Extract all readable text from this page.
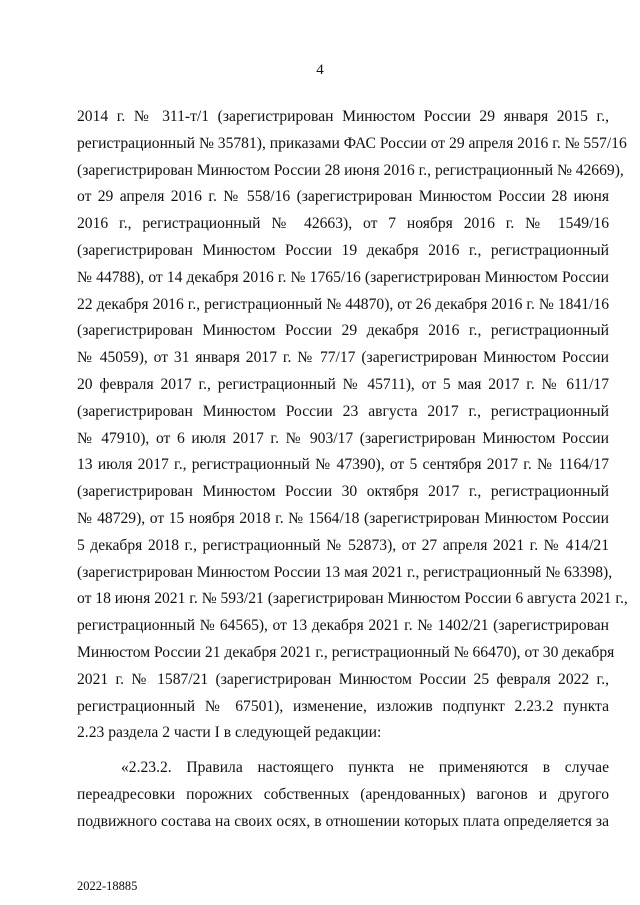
4
2014 г. № 311-т/1 (зарегистрирован Минюстом России 29 января 2015 г.,
регистрационный № 35781), приказами ФАС России от 29 апреля 2016 г. № 557/16
(зарегистрирован Минюстом России 28 июня 2016 г., регистрационный № 42669),
от 29 апреля 2016 г. № 558/16 (зарегистрирован Минюстом России 28 июня
2016 г., регистрационный № 42663), от 7 ноября 2016 г. № 1549/16
(зарегистрирован Минюстом России 19 декабря 2016 г., регистрационный
№ 44788), от 14 декабря 2016 г. № 1765/16 (зарегистрирован Минюстом России
22 декабря 2016 г., регистрационный № 44870), от 26 декабря 2016 г. № 1841/16
(зарегистрирован Минюстом России 29 декабря 2016 г., регистрационный
№ 45059), от 31 января 2017 г. № 77/17 (зарегистрирован Минюстом России
20 февраля 2017 г., регистрационный № 45711), от 5 мая 2017 г. № 611/17
(зарегистрирован Минюстом России 23 августа 2017 г., регистрационный
№ 47910), от 6 июля 2017 г. № 903/17 (зарегистрирован Минюстом России
13 июля 2017 г., регистрационный № 47390), от 5 сентября 2017 г. № 1164/17
(зарегистрирован Минюстом России 30 октября 2017 г., регистрационный
№ 48729), от 15 ноября 2018 г. № 1564/18 (зарегистрирован Минюстом России
5 декабря 2018 г., регистрационный № 52873), от 27 апреля 2021 г. № 414/21
(зарегистрирован Минюстом России 13 мая 2021 г., регистрационный № 63398),
от 18 июня 2021 г. № 593/21 (зарегистрирован Минюстом России 6 августа 2021 г.,
регистрационный № 64565), от 13 декабря 2021 г. № 1402/21 (зарегистрирован
Минюстом России 21 декабря 2021 г., регистрационный № 66470), от 30 декабря
2021 г. № 1587/21 (зарегистрирован Минюстом России 25 февраля 2022 г.,
регистрационный № 67501), изменение, изложив подпункт 2.23.2 пункта
2.23 раздела 2 части I в следующей редакции:
«2.23.2. Правила настоящего пункта не применяются в случае
переадресовки порожних собственных (арендованных) вагонов и другого
подвижного состава на своих осях, в отношении которых плата определяется за
2022-18885
